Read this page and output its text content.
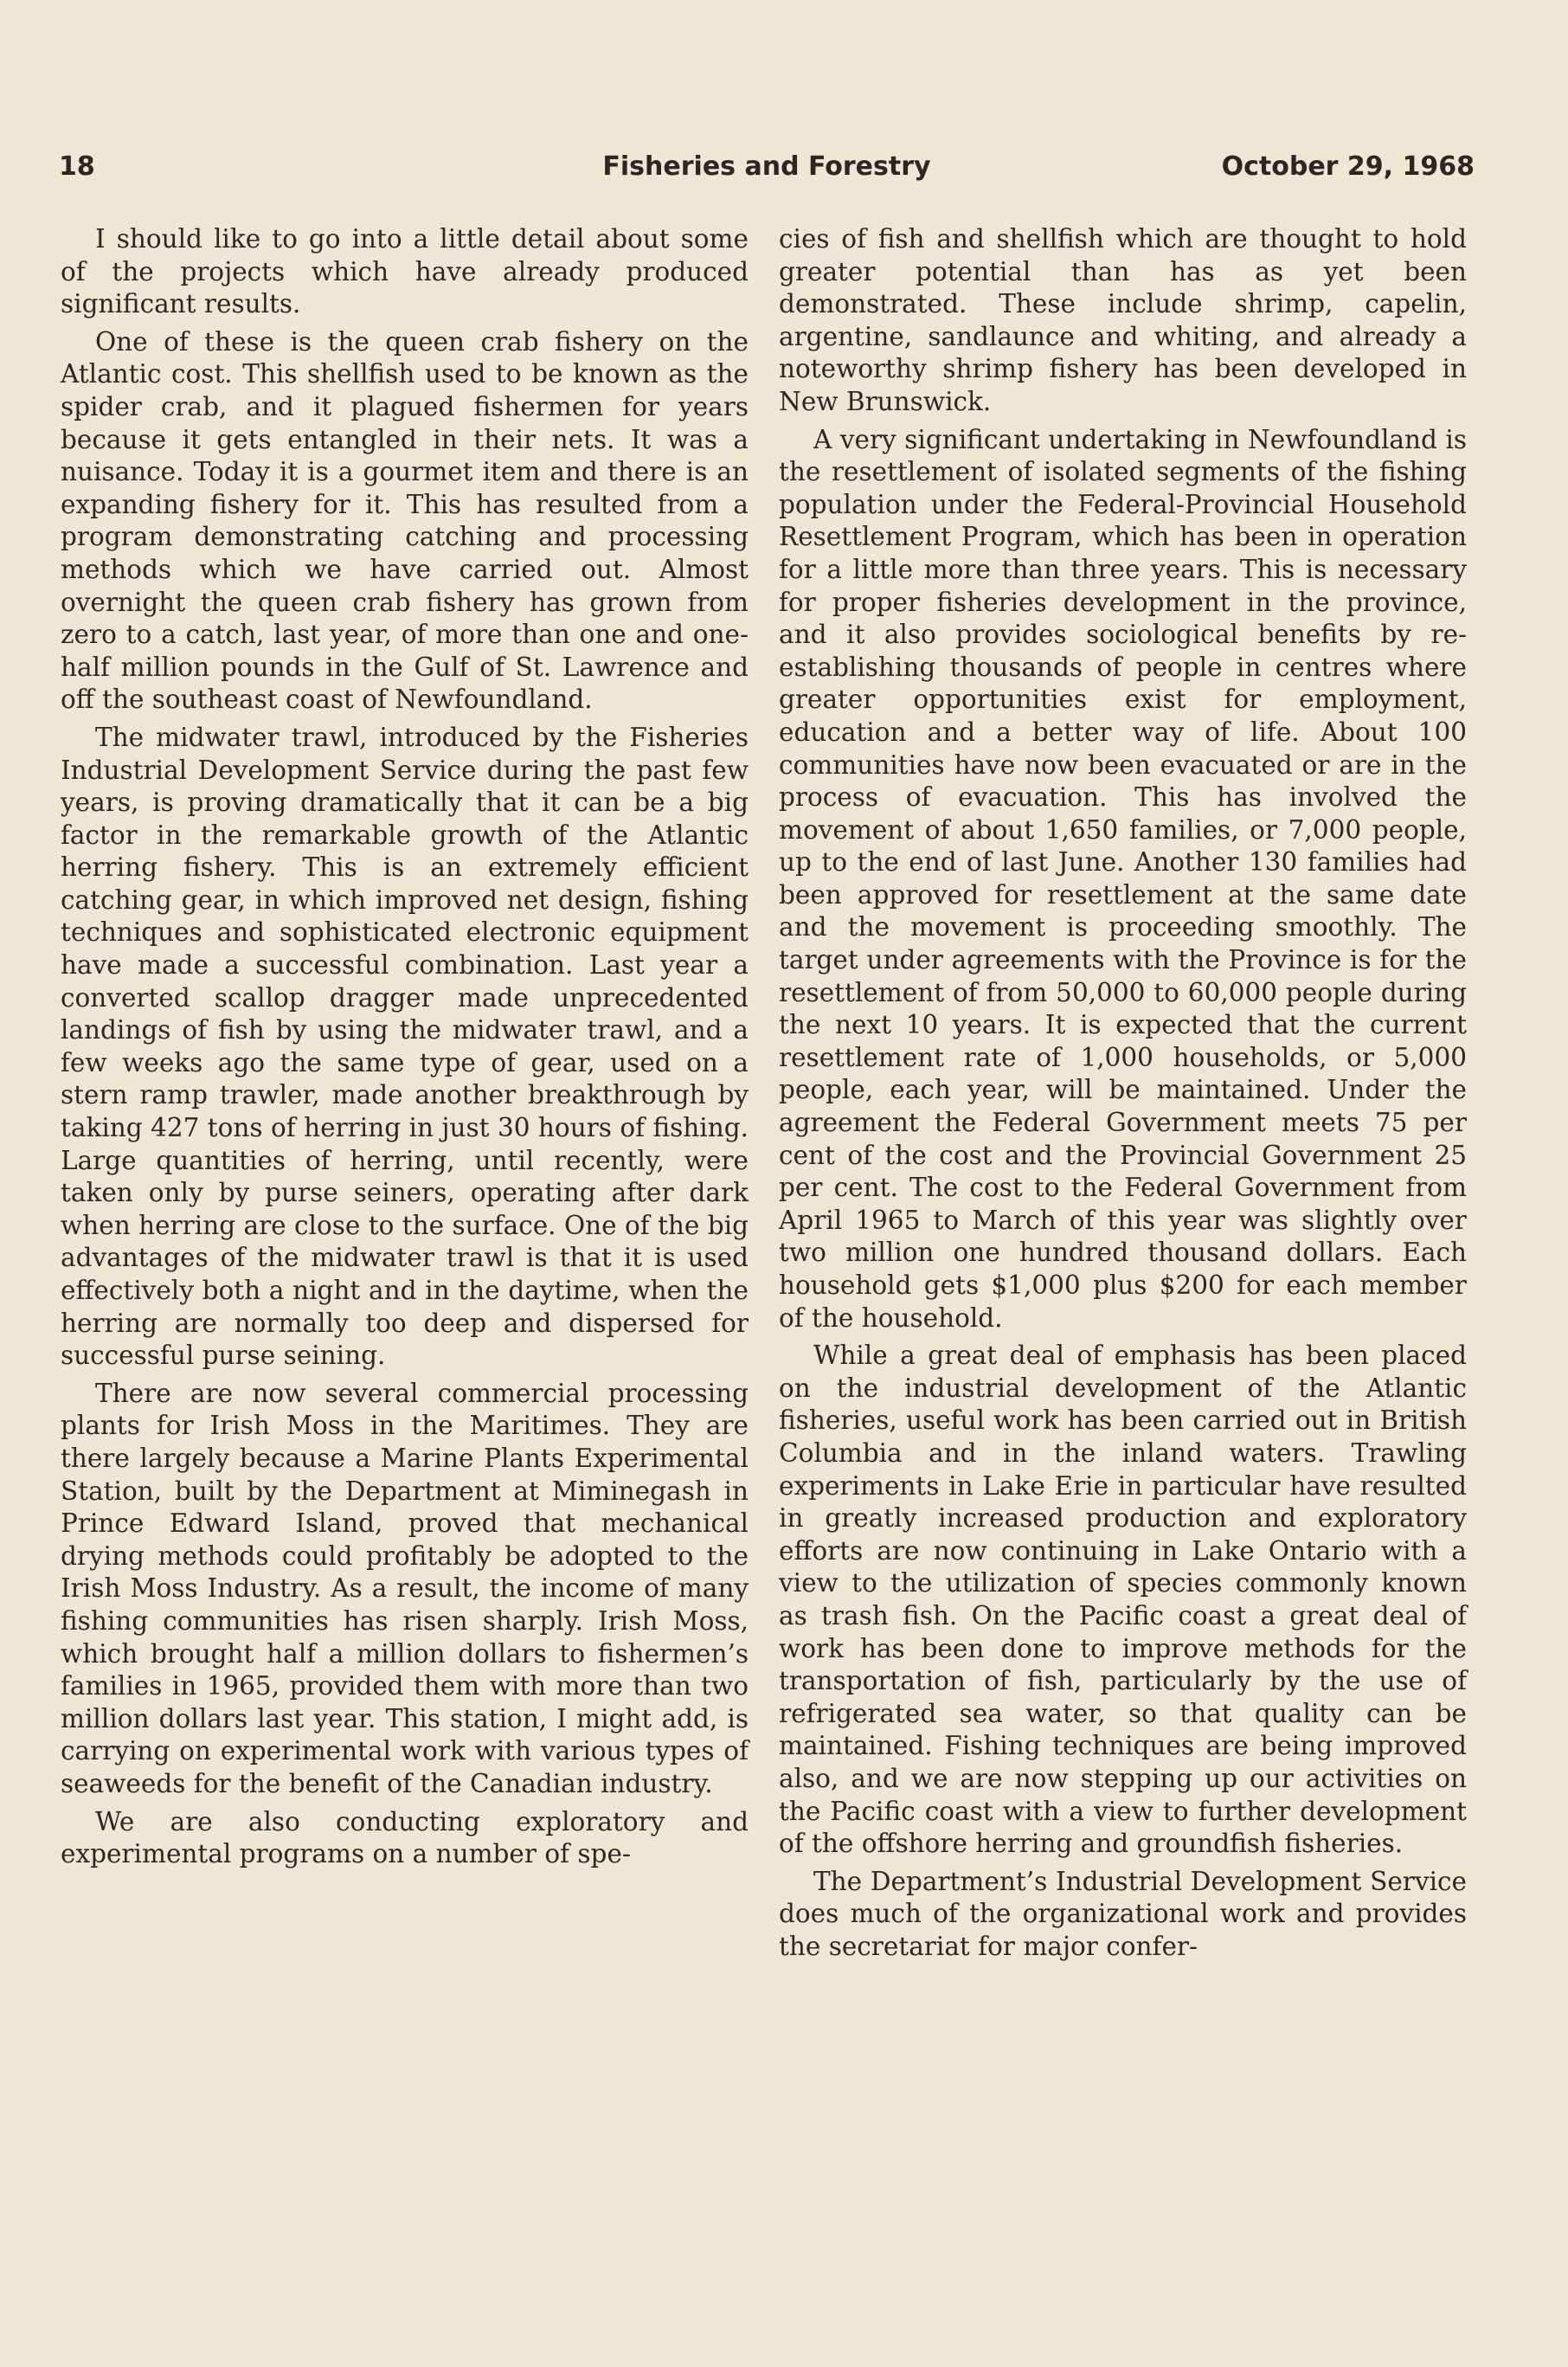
18	Fisheries and Forestry	October 29, 1968

I should like to go into a little detail about some of the projects which have already produced significant results.

One of these is the queen crab fishery on the Atlantic cost. This shellfish used to be known as the spider crab, and it plagued fishermen for years because it gets entangled in their nets. It was a nuisance. Today it is a gourmet item and there is an expanding fishery for it. This has resulted from a program demonstrating catching and processing methods which we have carried out. Almost overnight the queen crab fishery has grown from zero to a catch, last year, of more than one and one-half million pounds in the Gulf of St. Lawrence and off the southeast coast of Newfoundland.

The midwater trawl, introduced by the Fisheries Industrial Development Service during the past few years, is proving dramatically that it can be a big factor in the remarkable growth of the Atlantic herring fishery. This is an extremely efficient catching gear, in which improved net design, fishing techniques and sophisticated electronic equipment have made a successful combination. Last year a converted scallop dragger made unprecedented landings of fish by using the midwater trawl, and a few weeks ago the same type of gear, used on a stern ramp trawler, made another breakthrough by taking 427 tons of herring in just 30 hours of fishing. Large quantities of herring, until recently, were taken only by purse seiners, operating after dark when herring are close to the surface. One of the big advantages of the midwater trawl is that it is used effectively both a night and in the daytime, when the herring are normally too deep and dispersed for successful purse seining.

There are now several commercial processing plants for Irish Moss in the Maritimes. They are there largely because a Marine Plants Experimental Station, built by the Department at Miminegash in Prince Edward Island, proved that mechanical drying methods could profitably be adopted to the Irish Moss Industry. As a result, the income of many fishing communities has risen sharply. Irish Moss, which brought half a million dollars to fishermen’s families in 1965, provided them with more than two million dollars last year. This station, I might add, is carrying on experimental work with various types of seaweeds for the benefit of the Canadian industry.

We are also conducting exploratory and experimental programs on a number of spe-

cies of fish and shellfish which are thought to hold greater potential than has as yet been demonstrated. These include shrimp, capelin, argentine, sandlaunce and whiting, and already a noteworthy shrimp fishery has been developed in New Brunswick.

A very significant undertaking in Newfoundland is the resettlement of isolated segments of the fishing population under the Federal-Provincial Household Resettlement Program, which has been in operation for a little more than three years. This is necessary for proper fisheries development in the province, and it also provides sociological benefits by re-establishing thousands of people in centres where greater opportunities exist for employment, education and a better way of life. About 100 communities have now been evacuated or are in the process of evacuation. This has involved the movement of about 1,650 families, or 7,000 people, up to the end of last June. Another 130 families had been approved for resettlement at the same date and the movement is proceeding smoothly. The target under agreements with the Province is for the resettlement of from 50,000 to 60,000 people during the next 10 years. It is expected that the current resettlement rate of 1,000 households, or 5,000 people, each year, will be maintained. Under the agreement the Federal Government meets 75 per cent of the cost and the Provincial Government 25 per cent. The cost to the Federal Government from April 1965 to March of this year was slightly over two million one hundred thousand dollars. Each household gets $1,000 plus $200 for each member of the household.

While a great deal of emphasis has been placed on the industrial development of the Atlantic fisheries, useful work has been carried out in British Columbia and in the inland waters. Trawling experiments in Lake Erie in particular have resulted in greatly increased production and exploratory efforts are now continuing in Lake Ontario with a view to the utilization of species commonly known as trash fish. On the Pacific coast a great deal of work has been done to improve methods for the transportation of fish, particularly by the use of refrigerated sea water, so that quality can be maintained. Fishing techniques are being improved also, and we are now stepping up our activities on the Pacific coast with a view to further development of the offshore herring and groundfish fisheries.

The Department’s Industrial Development Service does much of the organizational work and provides the secretariat for major confer-
